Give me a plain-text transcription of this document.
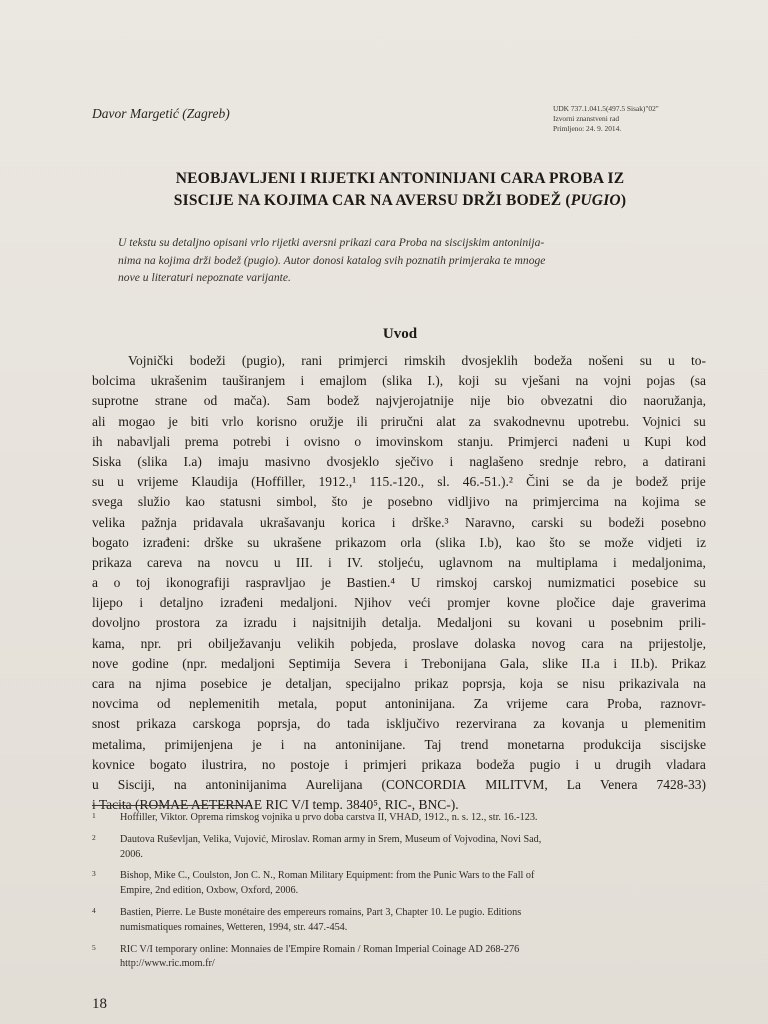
Davor Margetić (Zagreb)	UDK 737.1.041.5(497.5 Sisak)"02"
Izvorni znanstveni rad
Primljeno: 24. 9. 2014.
NEOBJAVLJENI I RIJETKI ANTONINIJANI CARA PROBA IZ
SISCIJE NA KOJIMA CAR NA AVERSU DRŽI BODEŽ (PUGIO)
U tekstu su detaljno opisani vrlo rijetki aversni prikazi cara Proba na siscijskim antoninija-
nima na kojima drži bodež (pugio). Autor donosi katalog svih poznatih primjeraka te mnoge
nove u literaturi nepoznate varijante.
Uvod
Vojnički bodeži (pugio), rani primjerci rimskih dvosjeklih bodeža nošeni su u to-
bolcima ukrašenim tauširanjem i emajlom (slika I.), koji su vješani na vojni pojas (sa
suprotne strane od mača). Sam bodež najvjerojatnije nije bio obvezatni dio naoružanja,
ali mogao je biti vrlo korisno oružje ili priručni alat za svakodnevnu upotrebu. Vojnici su
ih nabavljali prema potrebi i ovisno o imovinskom stanju. Primjerci nađeni u Kupi kod
Siska (slika I.a) imaju masivno dvosjeklo sječivo i naglašeno srednje rebro, a datirani
su u vrijeme Klaudija (Hoffiller, 1912.,¹ 115.-120., sl. 46.-51.).² Čini se da je bodež prije
svega služio kao statusni simbol, što je posebno vidljivo na primjercima na kojima se
velika pažnja pridavala ukrašavanju korica i drške.³ Naravno, carski su bodeži posebno
bogato izrađeni: drške su ukrašene prikazom orla (slika I.b), kao što se može vidjeti iz
prikaza careva na novcu u III. i IV. stoljeću, uglavnom na multiplama i medaljonima,
a o toj ikonografiji raspravljao je Bastien.⁴ U rimskoj carskoj numizmatici posebice su
lijepo i detaljno izrađeni medaljoni. Njihov veći promjer kovne pločice daje graverima
dovoljno prostora za izradu i najsitnijih detalja. Medaljoni su kovani u posebnim prili-
kama, npr. pri obilježavanju velikih pobjeda, proslave dolaska novog cara na prijestolje,
nove godine (npr. medaljoni Septimija Severa i Trebonijana Gala, slike II.a i II.b). Prikaz
cara na njima posebice je detaljan, specijalno prikaz poprsja, koja se nisu prikazivala na
novcima od neplemenitih metala, poput antoninijana. Za vrijeme cara Proba, raznovr-
snost prikaza carskoga poprsja, do tada isključivo rezervirana za kovanja u plemenitim
metalima, primijenjena je i na antoninijane. Taj trend monetarna produkcija siscijske
kovnice bogato ilustrira, no postoje i primjeri prikaza bodeža pugio i u drugih vladara
u Sisciji, na antoninijanima Aurelijana (CONCORDIA MILITVM, La Venera 7428-33)
i Tacita (ROMAE AETERNAE RIC V/I temp. 3840⁵, RIC-, BNC-).
1 Hoffiller, Viktor. Oprema rimskog vojnika u prvo doba carstva II, VHAD, 1912., n. s. 12., str. 16.-123.
2 Dautova Ruševljan, Velika, Vujović, Miroslav. Roman army in Srem, Museum of Vojvodina, Novi Sad,
2006.
3 Bishop, Mike C., Coulston, Jon C. N., Roman Military Equipment: from the Punic Wars to the Fall of
Empire, 2nd edition, Oxbow, Oxford, 2006.
4 Bastien, Pierre. Le Buste monétaire des empereurs romains, Part 3, Chapter 10. Le pugio. Editions
numismatiques romaines, Wetteren, 1994, str. 447.-454.
5 RIC V/I temporary online: Monnaies de l'Empire Romain / Roman Imperial Coinage AD 268-276
http://www.ric.mom.fr/
18
